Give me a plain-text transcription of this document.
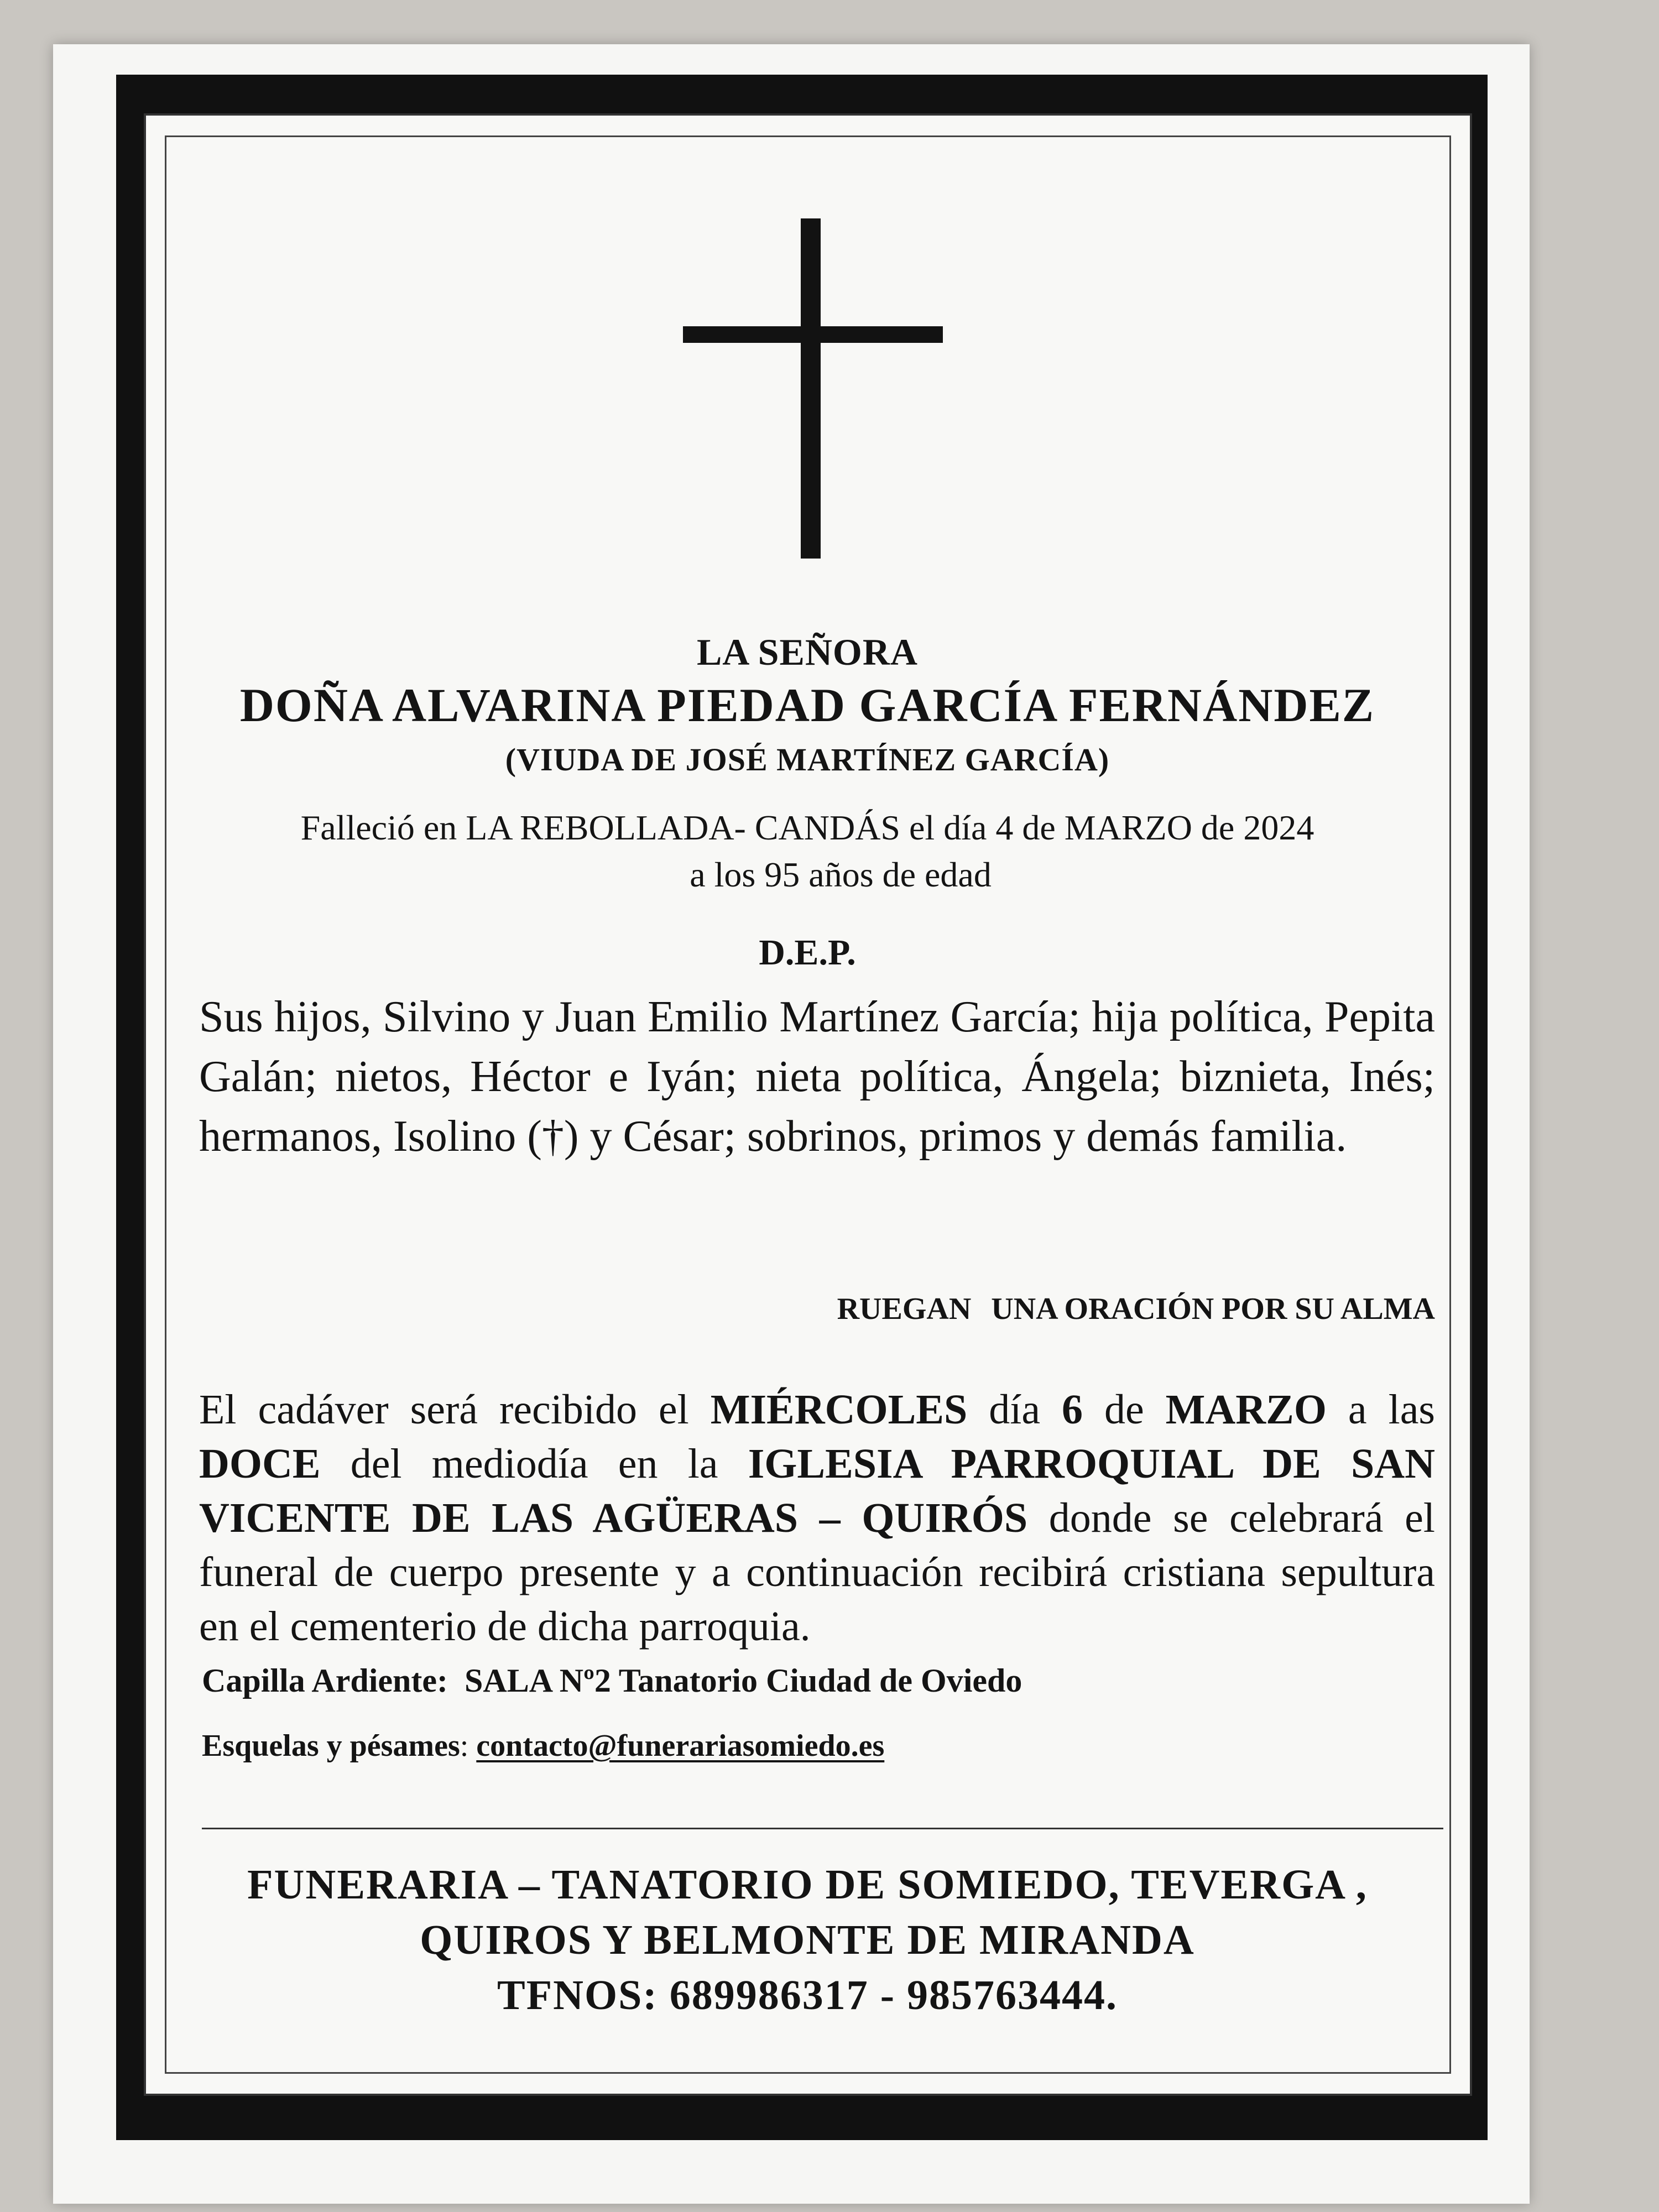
LA SEÑORA
DOÑA ALVARINA PIEDAD GARCÍA FERNÁNDEZ
(VIUDA DE JOSÉ MARTÍNEZ GARCÍA)
Falleció en LA REBOLLADA- CANDÁS el día 4 de MARZO de 2024
a los 95 años de edad
D.E.P.
Sus hijos, Silvino y Juan Emilio Martínez García; hija política, Pepita Galán; nietos, Héctor e Iyán; nieta política, Ángela; biznieta, Inés; hermanos, Isolino (†) y César; sobrinos, primos y demás familia.
RUEGAN UNA ORACIÓN POR SU ALMA
El cadáver será recibido el MIÉRCOLES día 6 de MARZO a las DOCE del mediodía en la IGLESIA PARROQUIAL DE SAN VICENTE DE LAS AGÜERAS – QUIRÓS donde se celebrará el funeral de cuerpo presente y a continuación recibirá cristiana sepultura en el cementerio de dicha parroquia.
Capilla Ardiente: SALA Nº2 Tanatorio Ciudad de Oviedo
Esquelas y pésames: contacto@funerariasomiedo.es
FUNERARIA – TANATORIO DE SOMIEDO, TEVERGA ,
QUIROS Y BELMONTE DE MIRANDA
TFNOS: 689986317 - 985763444.
